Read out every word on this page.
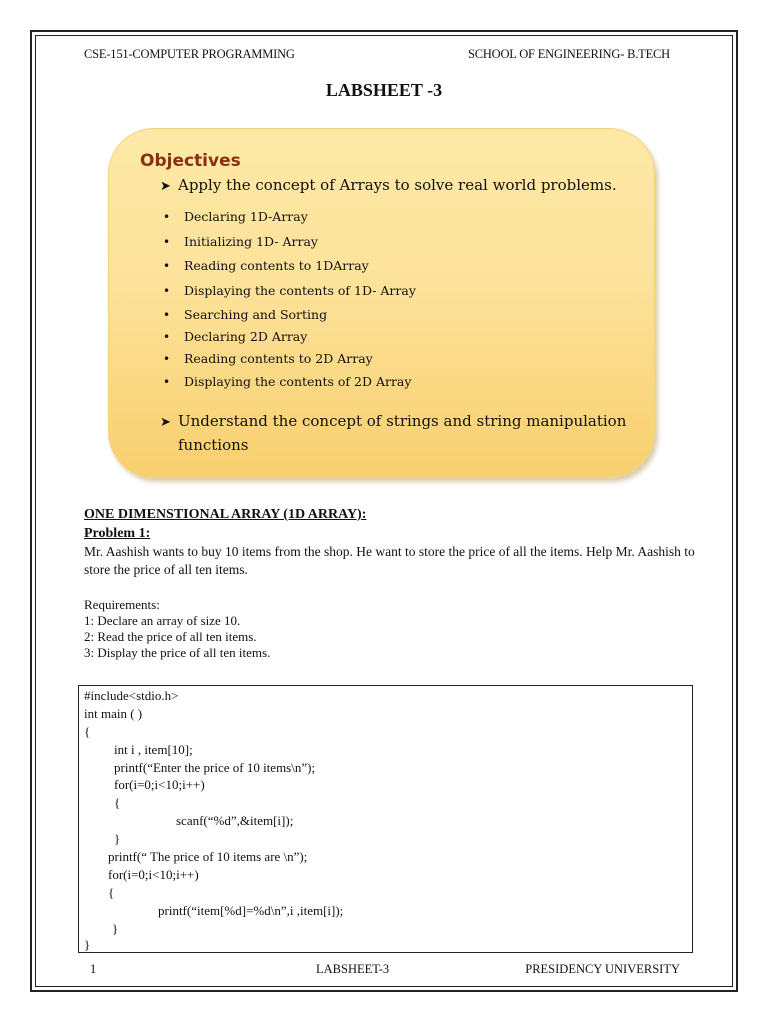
CSE-151-COMPUTER PROGRAMMING	SCHOOL OF ENGINEERING- B.TECH
LABSHEET -3
Objectives
➤ Apply the concept of Arrays to solve real world problems.
• Declaring 1D-Array
• Initializing 1D- Array
• Reading contents to 1DArray
• Displaying the contents of 1D- Array
• Searching and Sorting
• Declaring 2D Array
• Reading contents to 2D Array
• Displaying the contents of 2D Array
➤ Understand the concept of strings and string manipulation
functions
ONE DIMENSTIONAL ARRAY (1D ARRAY):
Problem 1:
Mr. Aashish wants to buy 10 items from the shop. He want to store the price of all the items. Help Mr. Aashish to store the price of all ten items.
Requirements:
1: Declare an array of size 10.
2: Read the price of all ten items.
3: Display the price of all ten items.
#include<stdio.h>
int main ( )
{
int i , item[10];
printf(“Enter the price of 10 items\n”);
for(i=0;i<10;i++)
{
scanf(“%d”,&item[i]);
}
printf(“ The price of 10 items are \n”);
for(i=0;i<10;i++)
{
printf(“item[%d]=%d\n”,i ,item[i]);
}
}
1	LABSHEET-3	PRESIDENCY UNIVERSITY
